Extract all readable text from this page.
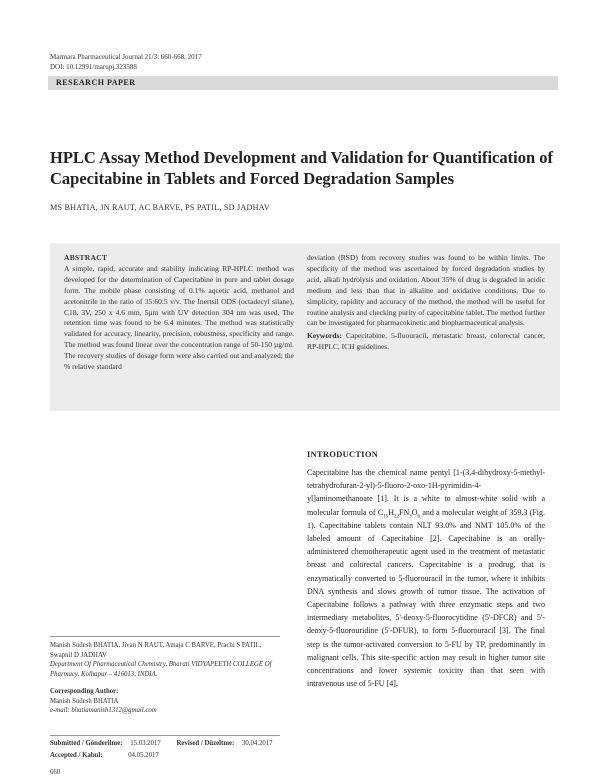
Marmara Pharmaceutical Journal 21/3: 660-668, 2017
DOI: 10.12991/marupj.323588
RESEARCH PAPER
HPLC Assay Method Development and Validation for Quantification of Capecitabine in Tablets and Forced Degradation Samples
MS BHATIA, JN RAUT, AC BARVE, PS PATIL, SD JADHAV
ABSTRACT
A simple, rapid, accurate and stability indicating RP-HPLC method was developed for the determination of Capecitabine in pure and tablet dosage form. The mobile phase consisting of 0.1% aqcetic acid, methanol and acetonitrile in the ratio of 35:60:5 v/v. The Inertsil ODS (octadecyl silane), C18, 3V, 250 x 4.6 mm, 5µm with UV detection 304 nm was used. The retention time was found to be 6.4 minutes. The method was statistically validated for accuracy, linearity, precision, robustness, specificity and range. The method was found linear over the concentration range of 50-150 µg/ml. The recovery studies of dosage form were also carried out and analyzed; the % relative standard
deviation (RSD) from recovery studies was found to be within limits. The specificity of the method was ascertained by forced degradation studies by acid, alkali hydrolysis and oxidation. About 35% of drug is degraded in acidic medium and less than that in alkaline and oxidative conditions. Due to simplicity, rapidity and accuracy of the method, the method will be useful for routine analysis and checking purity of capecitabine tablet. The method further can be investigated for pharmacokinetic and biopharmaceutical analysis.
Keywords: Capecitabine, 5-fluouracil, metastatic breast, colorectal cancer, RP-HPLC, ICH guidelines.
INTRODUCTION

Capecitabine has the chemical name pentyl [1-(3,4-dihydroxy-5-methyl-tetrahydrofuran-2-yl)-5-fluoro-2-oxo-1H-pyrimidin-4-yl]aminomethanoate [1]. It is a white to almost-white solid with a molecular formula of $C_{15}H_{22}FN_3O_6$ and a molecular weight of 359.3 (Fig. 1). Capecitabine tablets contain NLT 93.0% and NMT 105.0% of the labeled amount of Capecitabine [2]. Capecitabine is an orally-administered chemotherapeutic agent used in the treatment of metastatic breast and colorectal cancers. Capecitabine is a prodrug, that is enzymatically converted to 5-fluorouracil in the tumor, where it inhibits DNA synthesis and slows growth of tumor tissue. The activation of Capecitabine follows a pathway with three enzymatic steps and two intermediary metabolites, 5'-deoxy-5-fluorocytidine (5'-DFCR) and 5'-deoxy-5-fluorouridine (5'-DFUR), to form 5-fluorouracil [3]. The final step is the tumor-activated conversion to 5-FU by TP, predominantly in malignant cells. This site-specific action may result in higher tumor site concentrations and lower systemic toxicity than that seen with intravenous use of 5-FU [4].

Manish Sudesh BHATIA, Jivan N RAUT, Amaja C BARVE, Prachi S PATIL, Swapnil D JADHAV
Department Of Pharmaceutical Chemistry, Bharati VIDYAPEETH COLLEGE Of Pharmacy, Kolhapur – 416013, INDIA.
Corresponding Author:
Manish Sudesh BHATIA
e-mail: bhatiamanish1312@gmail.com
Submitted / Gönderilme: 15.03.2017 Revised / Düzeltme: 30.04.2017
Accepted / Kabul:	04.05.2017
660
